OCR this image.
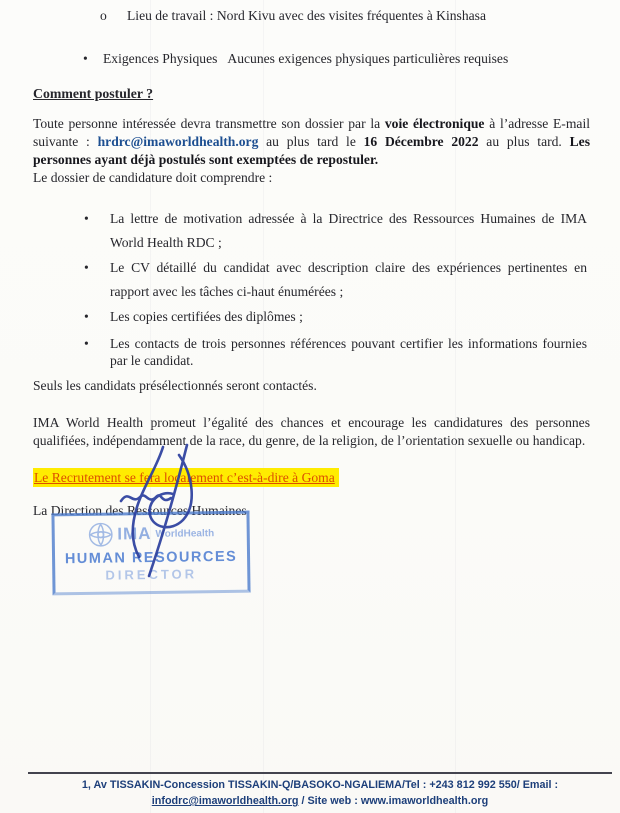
o Lieu de travail : Nord Kivu avec des visites fréquentes à Kinshasa
• Exigences Physiques Aucunes exigences physiques particulières requises
Comment postuler ?

Toute personne intéressée devra transmettre son dossier par la voie électronique à l’adresse E-mail suivante : hrdrc@imaworldhealth.org au plus tard le 16 Décembre 2022 au plus tard. Les personnes ayant déjà postulés sont exemptées de repostuler.

Le dossier de candidature doit comprendre :

• La lettre de motivation adressée à la Directrice des Ressources Humaines de IMA World Health RDC ;
• Le CV détaillé du candidat avec description claire des expériences pertinentes en rapport avec les tâches ci-haut énumérées ;
• Les copies certifiées des diplômes ;
• Les contacts de trois personnes références pouvant certifier les informations fournies par le candidat.

Seuls les candidats présélectionnés seront contactés.

IMA World Health promeut l’égalité des chances et encourage les candidatures des personnes qualifiées, indépendamment de la race, du genre, de la religion, de l’orientation sexuelle ou handicap.

Le Recrutement se fera localement c’est-à-dire à Goma

La Direction des Ressources Humaines

IMA WorldHealth
HUMAN RESOURCES
DIRECTOR
1, Av TISSAKIN-Concession TISSAKIN-Q/BASOKO-NGALIEMA/Tel : +243 812 992 550/ Email :
infodrc@imaworldhealth.org / Site web : www.imaworldhealth.org
